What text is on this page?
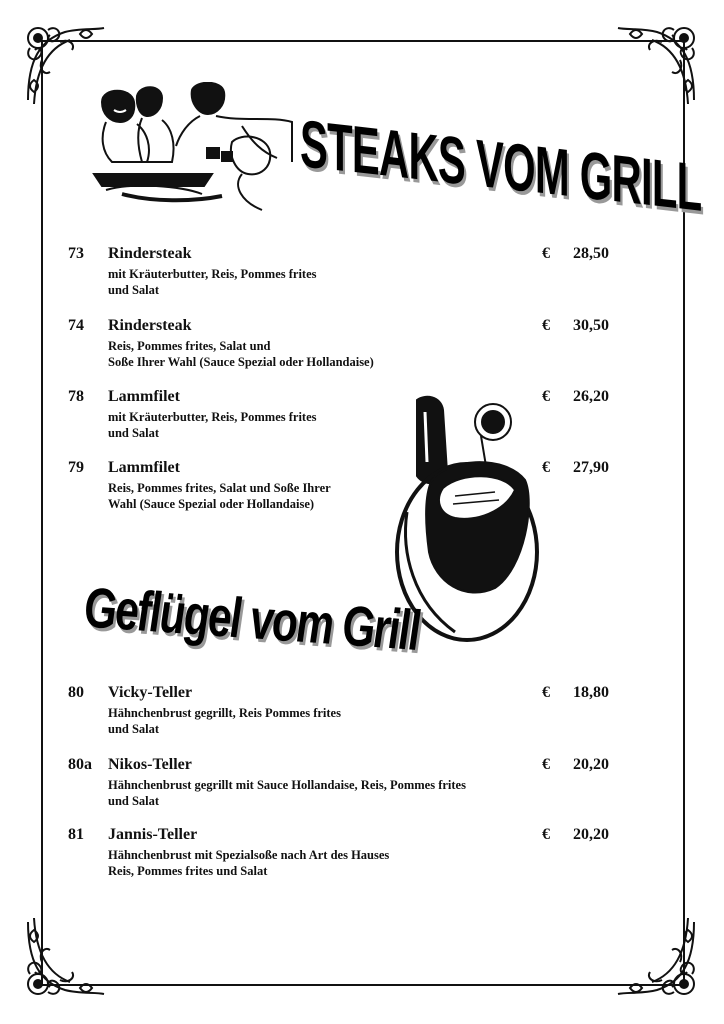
STEAKS VOM GRILL
73 Rindersteak
mit Kräuterbutter, Reis, Pommes frites
und Salat
€ 28,50
74 Rindersteak
Reis, Pommes frites, Salat und
Soße Ihrer Wahl (Sauce Spezial oder Hollandaise)
€ 30,50
78 Lammfilet
mit Kräuterbutter, Reis, Pommes frites
und Salat
€ 26,20
79 Lammfilet
Reis, Pommes frites, Salat und Soße Ihrer
Wahl (Sauce Spezial oder Hollandaise)
€ 27,90
Geflügel vom Grill
80 Vicky-Teller
Hähnchenbrust gegrillt, Reis Pommes frites
und Salat
€ 18,80
80a Nikos-Teller
Hähnchenbrust gegrillt mit Sauce Hollandaise, Reis, Pommes frites
und Salat
€ 20,20
81 Jannis-Teller
Hähnchenbrust mit Spezialsoße nach Art des Hauses
Reis, Pommes frites und Salat
€ 20,20
